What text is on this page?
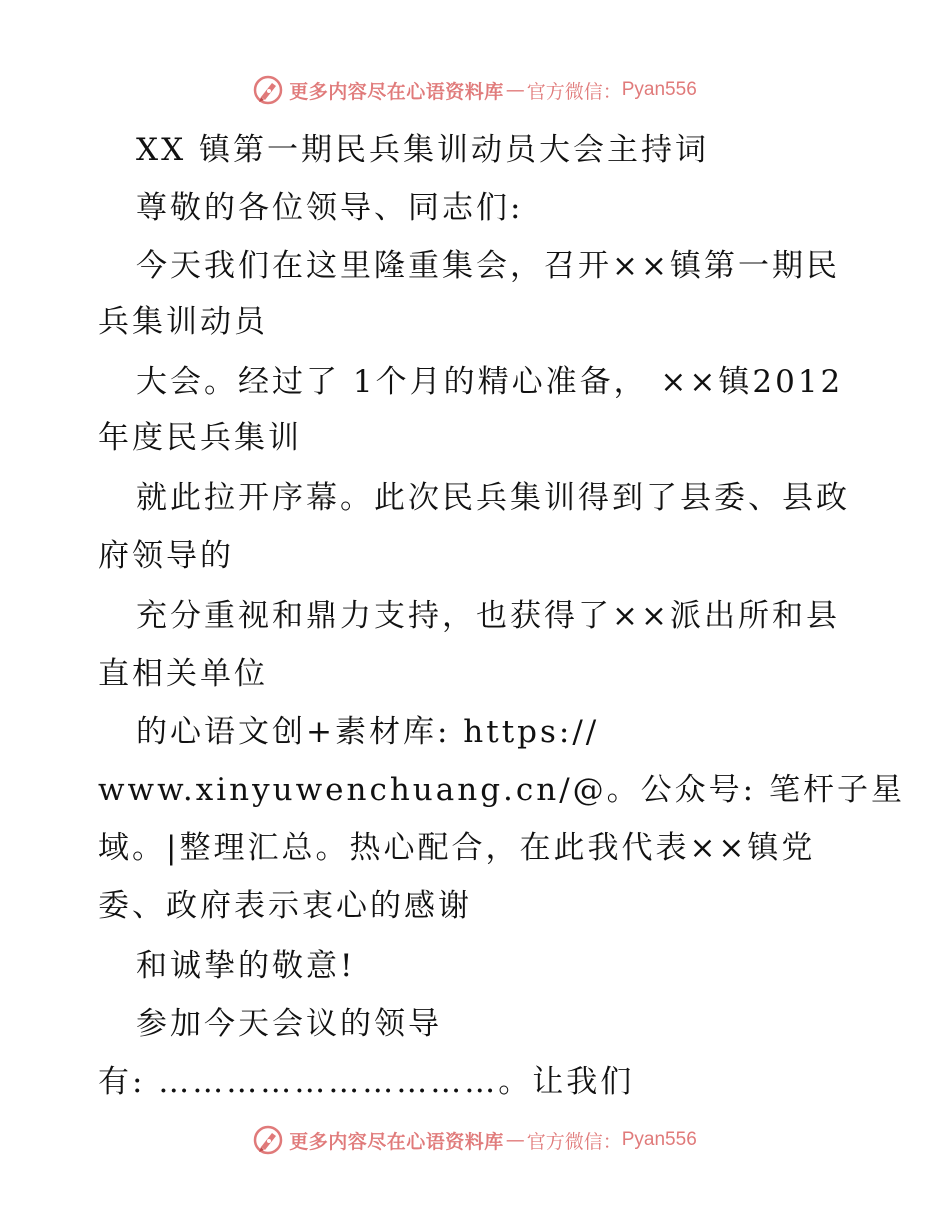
更多内容尽在心语资料库 — 官方微信： Pyan556
XX 镇第一期民兵集训动员大会主持词
尊敬的各位领导、同志们:
今天我们在这里隆重集会，召开××镇第一期民
兵集训动员
大会。经过了 1个月的精心准备， ××镇2012
年度民兵集训
就此拉开序幕。此次民兵集训得到了县委、县政
府领导的
充分重视和鼎力支持，也获得了××派出所和县
直相关单位
的心语文创+素材库: https://
www.xinyuwenchuang.cn/@。公众号: 笔杆子星
域。|整理汇总。热心配合，在此我代表××镇党
委、政府表示衷心的感谢
和诚挚的敬意!
参加今天会议的领导
有: …………………………。让我们
更多内容尽在心语资料库 — 官方微信： Pyan556
